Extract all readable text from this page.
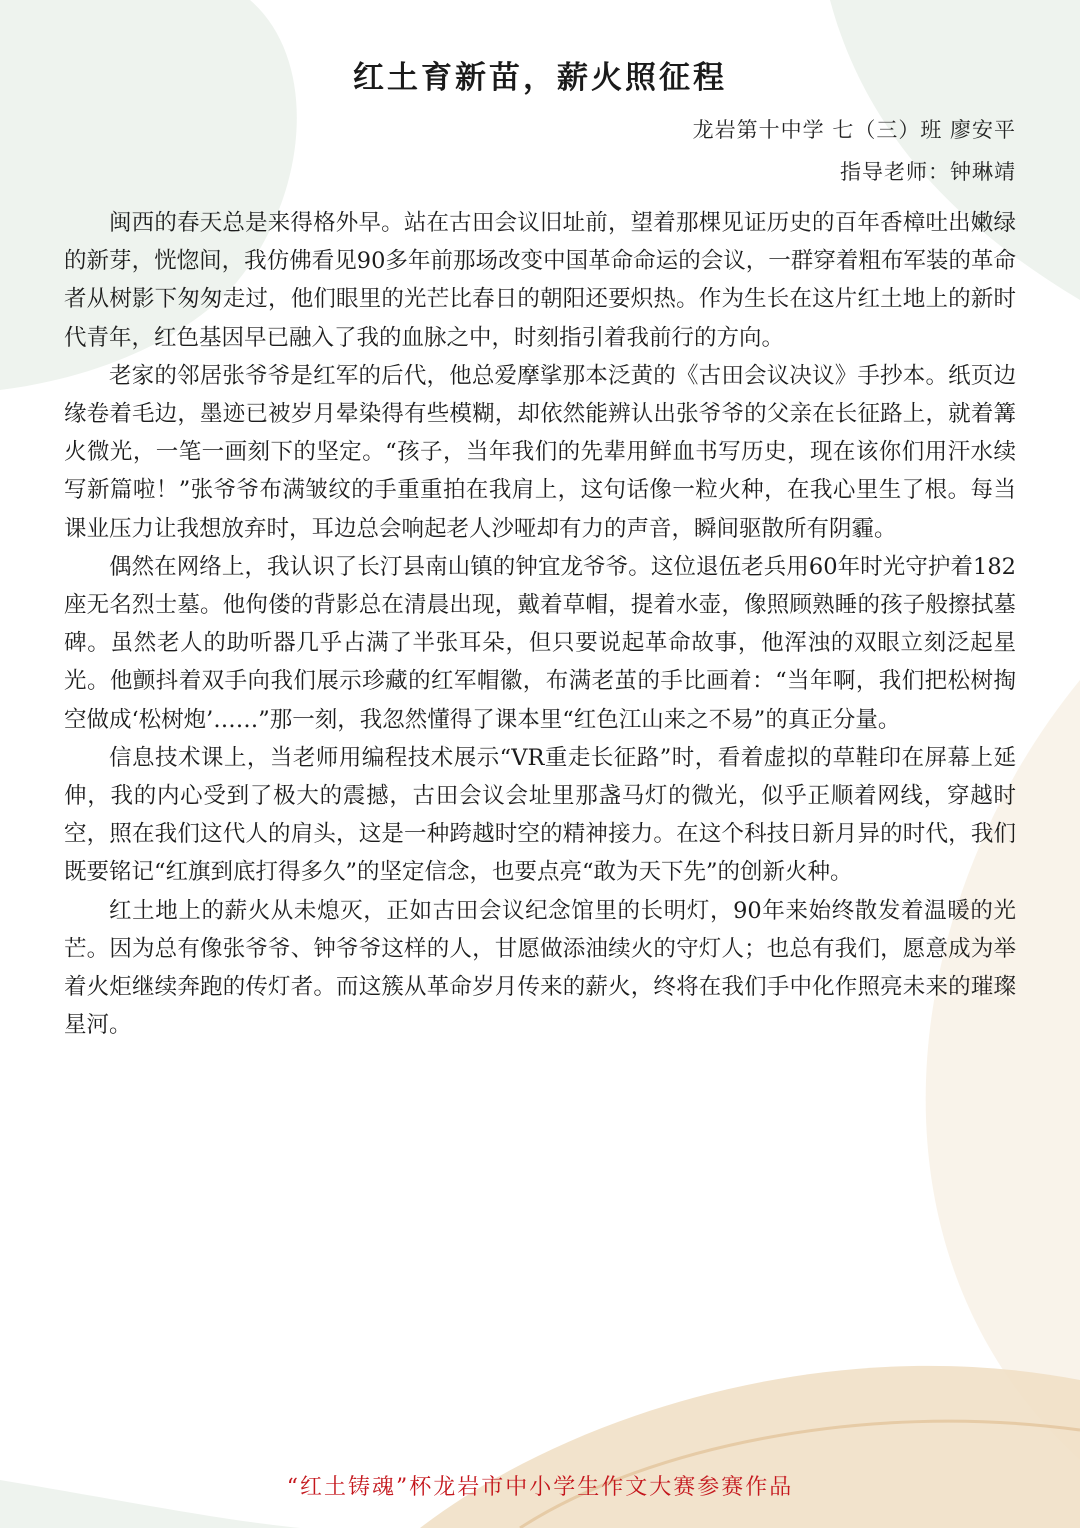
红土育新苗，薪火照征程
龙岩第十中学 七（三）班 廖安平
指导老师：钟琳靖

闽西的春天总是来得格外早。站在古田会议旧址前，望着那棵见证历史的百年香樟吐出嫩绿的新芽，恍惚间，我仿佛看见90多年前那场改变中国革命命运的会议，一群穿着粗布军装的革命者从树影下匆匆走过，他们眼里的光芒比春日的朝阳还要炽热。作为生长在这片红土地上的新时代青年，红色基因早已融入了我的血脉之中，时刻指引着我前行的方向。

老家的邻居张爷爷是红军的后代，他总爱摩挲那本泛黄的《古田会议决议》手抄本。纸页边缘卷着毛边，墨迹已被岁月晕染得有些模糊，却依然能辨认出张爷爷的父亲在长征路上，就着篝火微光，一笔一画刻下的坚定。“孩子，当年我们的先辈用鲜血书写历史，现在该你们用汗水续写新篇啦！”张爷爷布满皱纹的手重重拍在我肩上，这句话像一粒火种，在我心里生了根。每当课业压力让我想放弃时，耳边总会响起老人沙哑却有力的声音，瞬间驱散所有阴霾。

偶然在网络上，我认识了长汀县南山镇的钟宜龙爷爷。这位退伍老兵用60年时光守护着182座无名烈士墓。他佝偻的背影总在清晨出现，戴着草帽，提着水壶，像照顾熟睡的孩子般擦拭墓碑。虽然老人的助听器几乎占满了半张耳朵，但只要说起革命故事，他浑浊的双眼立刻泛起星光。他颤抖着双手向我们展示珍藏的红军帽徽，布满老茧的手比画着：“当年啊，我们把松树掏空做成‘松树炮’……”那一刻，我忽然懂得了课本里“红色江山来之不易”的真正分量。

信息技术课上，当老师用编程技术展示“VR重走长征路”时，看着虚拟的草鞋印在屏幕上延伸，我的内心受到了极大的震撼，古田会议会址里那盏马灯的微光，似乎正顺着网线，穿越时空，照在我们这代人的肩头，这是一种跨越时空的精神接力。在这个科技日新月异的时代，我们既要铭记“红旗到底打得多久”的坚定信念，也要点亮“敢为天下先”的创新火种。

红土地上的薪火从未熄灭，正如古田会议纪念馆里的长明灯，90年来始终散发着温暖的光芒。因为总有像张爷爷、钟爷爷这样的人，甘愿做添油续火的守灯人；也总有我们，愿意成为举着火炬继续奔跑的传灯者。而这簇从革命岁月传来的薪火，终将在我们手中化作照亮未来的璀璨星河。

“红土铸魂”杯龙岩市中小学生作文大赛参赛作品
